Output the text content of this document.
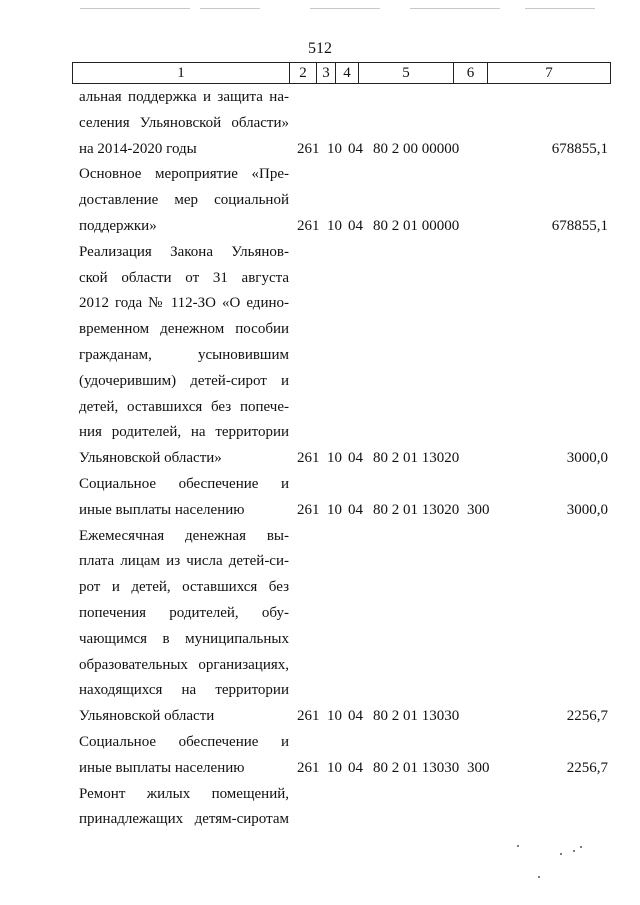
512
1	2	3	4	5	6	7
альная поддержка и защита на-
селения Ульяновской области»
на 2014-2020 годы	261 10 04 80 2 00 00000	678855,1
Основное мероприятие «Пре-
доставление мер социальной
поддержки»	261 10 04 80 2 01 00000	678855,1
Реализация Закона Ульянов-
ской области от 31 августа
2012 года № 112-ЗО «О едино-
временном денежном пособии
гражданам, усыновившим
(удочерившим) детей-сирот и
детей, оставшихся без попече-
ния родителей, на территории
Ульяновской области»	261 10 04 80 2 01 13020	3000,0
Социальное обеспечение и
иные выплаты населению	261 10 04 80 2 01 13020 300	3000,0
Ежемесячная денежная вы-
плата лицам из числа детей-си-
рот и детей, оставшихся без
попечения родителей, обу-
чающимся в муниципальных
образовательных организациях,
находящихся на территории
Ульяновской области	261 10 04 80 2 01 13030	2256,7
Социальное обеспечение и
иные выплаты населению	261 10 04 80 2 01 13030 300	2256,7
Ремонт жилых помещений,
принадлежащих детям-сиротам
